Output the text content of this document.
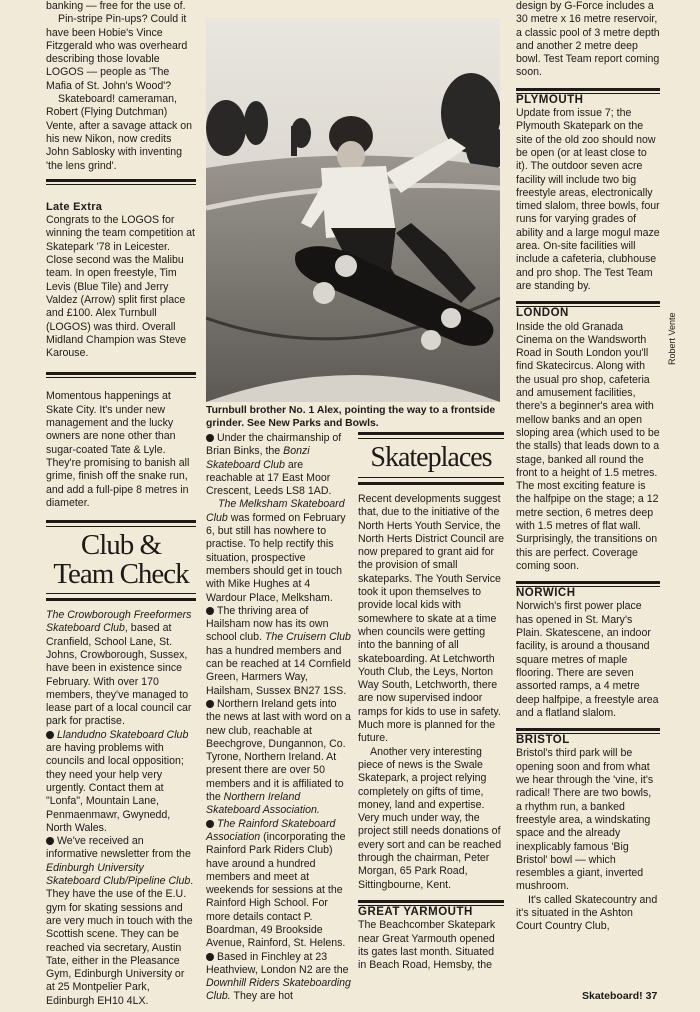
banking — free for the use of.

Pin-stripe Pin-ups? Could it have been Hobie's Vince Fitzgerald who was overheard describing those lovable LOGOS — people as 'The Mafia of St. John's Wood'?

Skateboard! cameraman, Robert (Flying Dutchman) Vente, after a savage attack on his new Nikon, now credits John Sablosky with inventing 'the lens grind'.

Late Extra

Congrats to the LOGOS for winning the team competition at Skatepark '78 in Leicester. Close second was the Malibu team. In open freestyle, Tim Levis (Blue Tile) and Jerry Valdez (Arrow) split first place and £100. Alex Turnbull (LOGOS) was third. Overall Midland Champion was Steve Karouse.

Momentous happenings at Skate City. It's under new management and the lucky owners are none other than sugar-coated Tate & Lyle. They're promising to banish all grime, finish off the snake run, and add a full-pipe 8 metres in diameter.

Club &
Team Check

The Crowborough Freeformers Skateboard Club, based at Cranfield, School Lane, St. Johns, Crowborough, Sussex, have been in existence since February. With over 170 members, they've managed to lease part of a local council car park for practise.

Llandudno Skateboard Club are having problems with councils and local opposition; they need your help very urgently. Contact them at "Lonfa", Mountain Lane, Penmaenmawr, Gwynedd, North Wales.

We've received an informative newsletter from the Edinburgh University Skateboard Club/Pipeline Club. They have the use of the E.U. gym for skating sessions and are very much in touch with the Scottish scene. They can be reached via secretary, Austin Tate, either in the Pleasance Gym, Edinburgh University or at 25 Montpelier Park, Edinburgh EH10 4LX.

Turnbull brother No. 1 Alex, pointing the way to a frontside grinder. See New Parks and Bowls.
Robert Vente

Under the chairmanship of Brian Binks, the Bonzi Skateboard Club are reachable at 17 East Moor Crescent, Leeds LS8 1AD.

The Melksham Skateboard Club was formed on February 6, but still has nowhere to practise. To help rectify this situation, prospective members should get in touch with Mike Hughes at 4 Wardour Place, Melksham.

The thriving area of Hailsham now has its own school club. The Cruisern Club has a hundred members and can be reached at 14 Cornfield Green, Harmers Way, Hailsham, Sussex BN27 1SS.

Northern Ireland gets into the news at last with word on a new club, reachable at Beechgrove, Dungannon, Co. Tyrone, Northern Ireland. At present there are over 50 members and it is affiliated to the Northern Ireland Skateboard Association.

The Rainford Skateboard Association (incorporating the Rainford Park Riders Club) have around a hundred members and meet at weekends for sessions at the Rainford High School. For more details contact P. Boardman, 49 Brookside Avenue, Rainford, St. Helens.

Based in Finchley at 23 Heathview, London N2 are the Downhill Riders Skateboarding Club. They are hot

Skateplaces

Recent developments suggest that, due to the initiative of the North Herts Youth Service, the North Herts District Council are now prepared to grant aid for the provision of small skateparks. The Youth Service took it upon themselves to provide local kids with somewhere to skate at a time when councils were getting into the banning of all skateboarding. At Letchworth Youth Club, the Leys, Norton Way South, Letchworth, there are now supervised indoor ramps for kids to use in safety. Much more is planned for the future.

Another very interesting piece of news is the Swale Skatepark, a project relying completely on gifts of time, money, land and expertise. Very much under way, the project still needs donations of every sort and can be reached through the chairman, Peter Morgan, 65 Park Road, Sittingbourne, Kent.

GREAT YARMOUTH

The Beachcomber Skatepark near Great Yarmouth opened its gates last month. Situated in Beach Road, Hemsby, the

design by G-Force includes a 30 metre x 16 metre reservoir, a classic pool of 3 metre depth and another 2 metre deep bowl. Test Team report coming soon.

PLYMOUTH

Update from issue 7; the Plymouth Skatepark on the site of the old zoo should now be open (or at least close to it). The outdoor seven acre facility will include two big freestyle areas, electronically timed slalom, three bowls, four runs for varying grades of ability and a large mogul maze area. On-site facilities will include a cafeteria, clubhouse and pro shop. The Test Team are standing by.

LONDON

Inside the old Granada Cinema on the Wandsworth Road in South London you'll find Skatecircus. Along with the usual pro shop, cafeteria and amusement facilities, there's a beginner's area with mellow banks and an open sloping area (which used to be the stalls) that leads down to a stage, banked all round the front to a height of 1.5 metres. The most exciting feature is the halfpipe on the stage; a 12 metre section, 6 metres deep with 1.5 metres of flat wall. Surprisingly, the transitions on this are perfect. Coverage coming soon.

NORWICH

Norwich's first power place has opened in St. Mary's Plain. Skatescene, an indoor facility, is around a thousand square metres of maple flooring. There are seven assorted ramps, a 4 metre deep halfpipe, a freestyle area and a flatland slalom.

BRISTOL

Bristol's third park will be opening soon and from what we hear through the 'vine, it's radical! There are two bowls, a rhythm run, a banked freestyle area, a windskating space and the already inexplicably famous 'Big Bristol' bowl — which resembles a giant, inverted mushroom.

It's called Skatecountry and it's situated in the Ashton Court Country Club,

Skateboard! 37
